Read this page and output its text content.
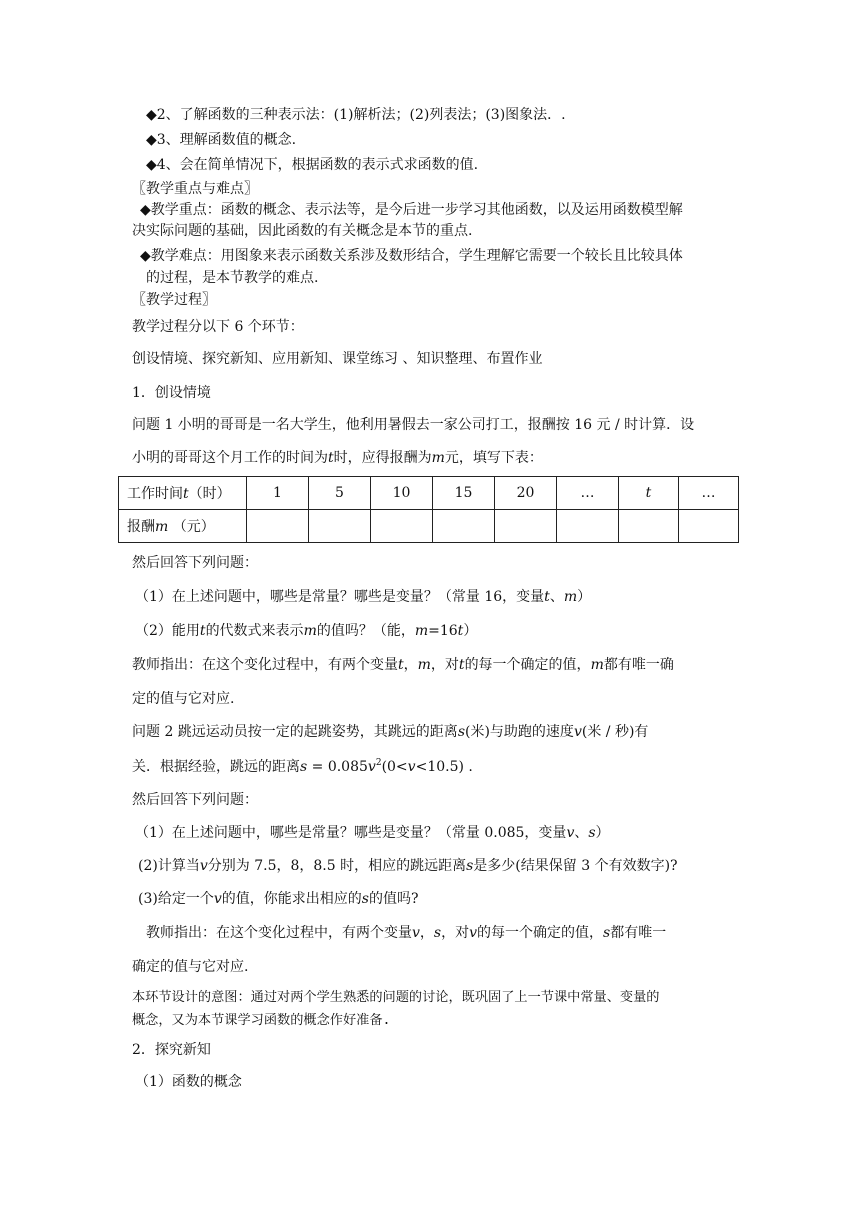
◆2、了解函数的三种表示法：(1)解析法；(2)列表法；(3)图象法．.
◆3、理解函数值的概念.
◆4、会在简单情况下，根据函数的表示式求函数的值.
〖教学重点与难点〗
◆教学重点：函数的概念、表示法等，是今后进一步学习其他函数，以及运用函数模型解
决实际问题的基础，因此函数的有关概念是本节的重点.
◆教学难点：用图象来表示函数关系涉及数形结合，学生理解它需要一个较长且比较具体
的过程，是本节教学的难点.
〖教学过程〗
教学过程分以下 6 个环节：
创设情境、探究新知、应用新知、课堂练习 、知识整理、布置作业
1．创设情境
问题 1 小明的哥哥是一名大学生，他利用暑假去一家公司打工，报酬按 16 元 / 时计算．设
小明的哥哥这个月工作的时间为t时，应得报酬为m元，填写下表：
工作时间t（时）	1	5	10	15	20	…	t	…
报酬m （元）								
然后回答下列问题：
（1）在上述问题中，哪些是常量？哪些是变量？（常量 16，变量t、m）
（2）能用t的代数式来表示m的值吗？（能，m=16t）
教师指出：在这个变化过程中，有两个变量t，m，对t的每一个确定的值，m都有唯一确
定的值与它对应.
问题 2 跳远运动员按一定的起跳姿势，其跳远的距离s(米)与助跑的速度v(米 / 秒)有
关．根据经验，跳远的距离$s = 0.085v^2(0<v<10.5)$ .
然后回答下列问题：
（1）在上述问题中，哪些是常量？哪些是变量？（常量 0.085，变量v、s）
(2)计算当v分别为 7.5，8，8.5 时，相应的跳远距离s是多少(结果保留 3 个有效数字)?
(3)给定一个v的值，你能求出相应的s的值吗?
教师指出：在这个变化过程中，有两个变量v，s，对v的每一个确定的值，s都有唯一
确定的值与它对应.
本环节设计的意图：通过对两个学生熟悉的问题的讨论，既巩固了上一节课中常量、变量的
概念，又为本节课学习函数的概念作好准备.
2．探究新知
（1）函数的概念
